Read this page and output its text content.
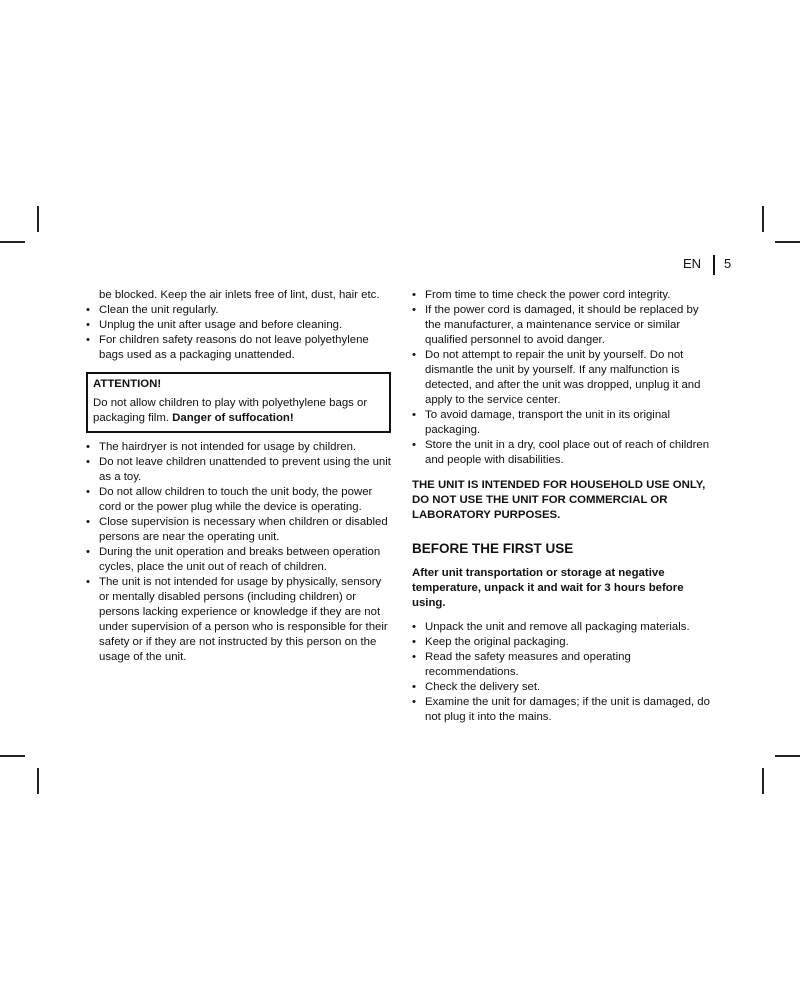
EN 5
be blocked. Keep the air inlets free of lint, dust, hair etc.
• Clean the unit regularly.
• Unplug the unit after usage and before cleaning.
• For children safety reasons do not leave polyethylene bags used as a packaging unattended.
ATTENTION!
Do not allow children to play with polyethylene bags or packaging film. Danger of suffocation!
• The hairdryer is not intended for usage by children.
• Do not leave children unattended to prevent using the unit as a toy.
• Do not allow children to touch the unit body, the power cord or the power plug while the device is operating.
• Close supervision is necessary when children or disabled persons are near the operating unit.
• During the unit operation and breaks between operation cycles, place the unit out of reach of children.
• The unit is not intended for usage by physically, sensory or mentally disabled persons (including children) or persons lacking experience or knowledge if they are not under supervision of a person who is responsible for their safety or if they are not instructed by this person on the usage of the unit.
• From time to time check the power cord integrity.
• If the power cord is damaged, it should be replaced by the manufacturer, a maintenance service or similar qualified personnel to avoid danger.
• Do not attempt to repair the unit by yourself. Do not dismantle the unit by yourself. If any malfunction is detected, and after the unit was dropped, unplug it and apply to the service center.
• To avoid damage, transport the unit in its original packaging.
• Store the unit in a dry, cool place out of reach of children and people with disabilities.
THE UNIT IS INTENDED FOR HOUSEHOLD USE ONLY, DO NOT USE THE UNIT FOR COMMERCIAL OR LABORATORY PURPOSES.
BEFORE THE FIRST USE
After unit transportation or storage at negative temperature, unpack it and wait for 3 hours before using.
• Unpack the unit and remove all packaging materials.
• Keep the original packaging.
• Read the safety measures and operating recommendations.
• Check the delivery set.
• Examine the unit for damages; if the unit is damaged, do not plug it into the mains.
